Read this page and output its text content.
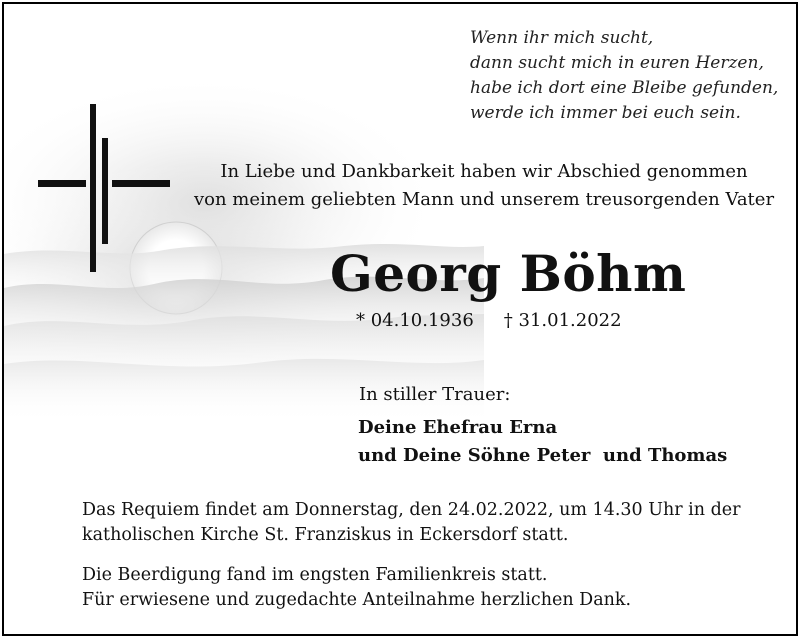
Wenn ihr mich sucht,
dann sucht mich in euren Herzen,
habe ich dort eine Bleibe gefunden,
werde ich immer bei euch sein.
In Liebe und Dankbarkeit haben wir Abschied genommen
von meinem geliebten Mann und unserem treusorgenden Vater
Georg Böhm
* 04.10.1936 † 31.01.2022
In stiller Trauer:
Deine Ehefrau Erna
und Deine Söhne Peter  und Thomas
Das Requiem findet am Donnerstag, den 24.02.2022, um 14.30 Uhr in der
katholischen Kirche St. Franziskus in Eckersdorf statt.
Die Beerdigung fand im engsten Familienkreis statt.
Für erwiesene und zugedachte Anteilnahme herzlichen Dank.
